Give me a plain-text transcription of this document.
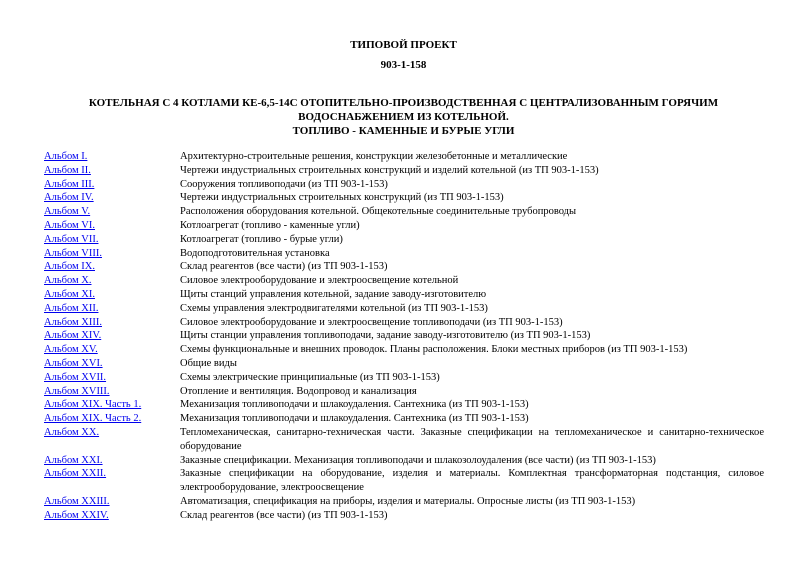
ТИПОВОЙ ПРОЕКТ
903-1-158
КОТЕЛЬНАЯ С 4 КОТЛАМИ КЕ-6,5-14С ОТОПИТЕЛЬНО-ПРОИЗВОДСТВЕННАЯ С ЦЕНТРАЛИЗОВАННЫМ ГОРЯЧИМ
ВОДОСНАБЖЕНИЕМ ИЗ КОТЕЛЬНОЙ.
ТОПЛИВО - КАМЕННЫЕ И БУРЫЕ УГЛИ
Альбом I.	Архитектурно-строительные решения, конструкции железобетонные и металлические
Альбом II.	Чертежи индустриальных строительных конструкций и изделий котельной (из ТП 903-1-153)
Альбом III.	Сооружения топливоподачи (из ТП 903-1-153)
Альбом IV.	Чертежи индустриальных строительных конструкций (из ТП 903-1-153)
Альбом V.	Расположения оборудования котельной. Общекотельные соединительные трубопроводы
Альбом VI.	Котлоагрегат (топливо - каменные угли)
Альбом VII.	Котлоагрегат (топливо - бурые угли)
Альбом VIII.	Водоподготовительная установка
Альбом IX.	Склад реагентов (все части) (из ТП 903-1-153)
Альбом X.	Силовое электрооборудование и электроосвещение котельной
Альбом XI.	Щиты станций управления котельной, задание заводу-изготовителю
Альбом XII.	Схемы управления электродвигателями котельной (из ТП 903-1-153)
Альбом XIII.	Силовое электрооборудование и электроосвещение топливоподачи (из ТП 903-1-153)
Альбом XIV.	Щиты станции управления топливоподачи, задание заводу-изготовителю (из ТП 903-1-153)
Альбом XV.	Схемы функциональные и внешних проводок. Планы расположения. Блоки местных приборов (из ТП 903-1-153)
Альбом XVI.	Общие виды
Альбом XVII.	Схемы электрические принципиальные (из ТП 903-1-153)
Альбом XVIII.	Отопление и вентиляция. Водопровод и канализация
Альбом XIX. Часть 1.	Механизация топливоподачи и шлакоудаления. Сантехника (из ТП 903-1-153)
Альбом XIX. Часть 2.	Механизация топливоподачи и шлакоудаления. Сантехника (из ТП 903-1-153)
Альбом XX.	Тепломеханическая, санитарно-техническая части. Заказные спецификации на тепломеханическое и санитарно-техническое оборудование
Альбом XXI.	Заказные спецификации. Механизация топливоподачи и шлакозолоудаления (все части) (из ТП 903-1-153)
Альбом XXII.	Заказные спецификации на оборудование, изделия и материалы. Комплектная трансформаторная подстанция, силовое электрооборудование, электроосвещение
Альбом XXIII.	Автоматизация, спецификация на приборы, изделия и материалы. Опросные листы (из ТП 903-1-153)
Альбом XXIV.	Склад реагентов (все части) (из ТП 903-1-153)
